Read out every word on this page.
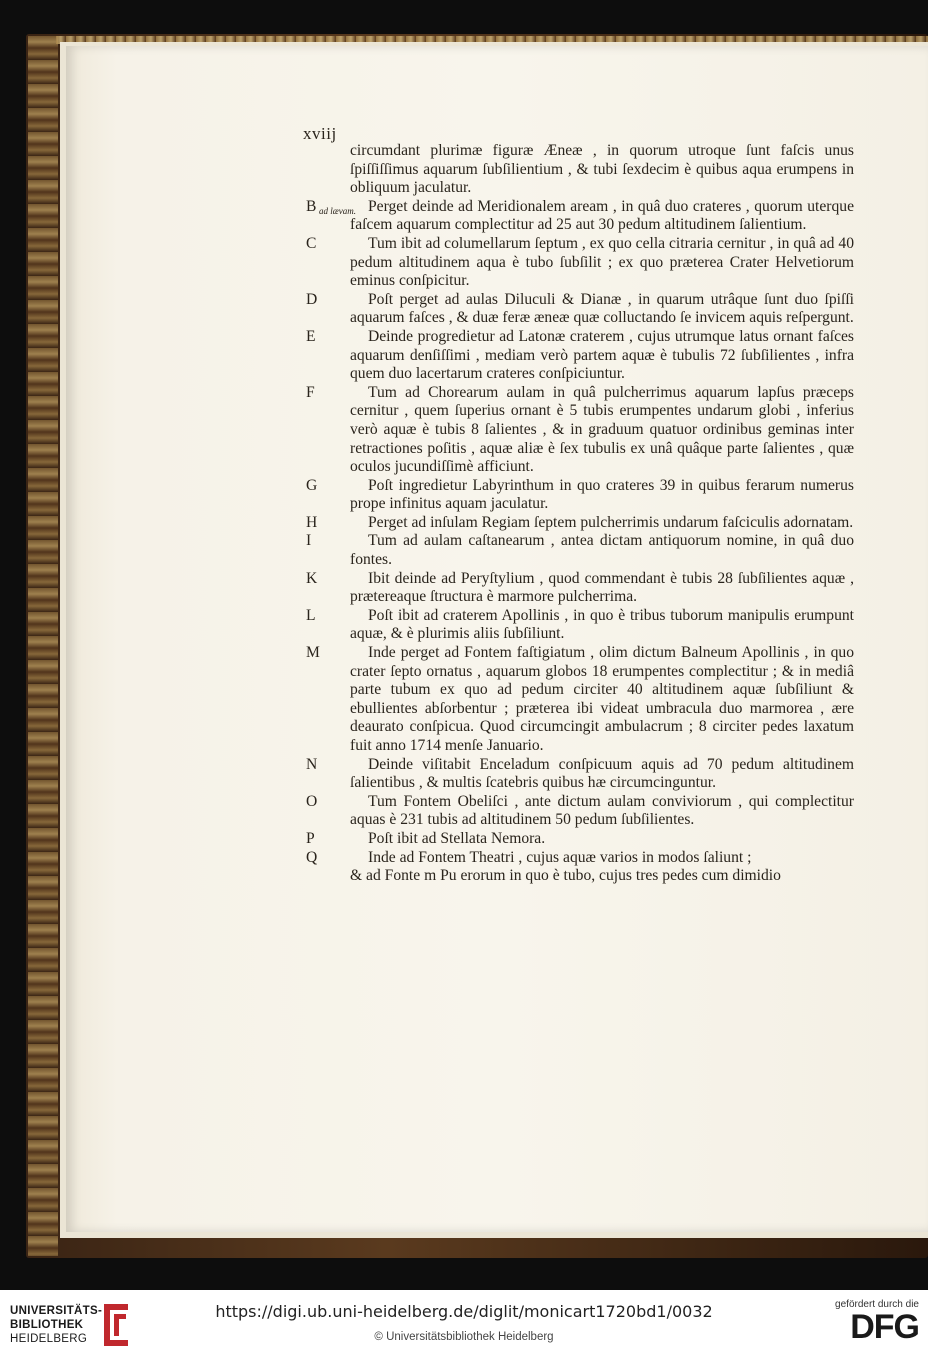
xviij
circumdant plurimæ figuræ Æneæ , in quorum utroque ſunt faſcis unus ſpiſſiſſimus aquarum ſubſilientium , & tubi ſexdecim è quibus aqua erumpens in obliquum jaculatur.
B ad lævam. Perget deinde ad Meridionalem aream , in quâ duo crateres , quorum uterque faſcem aquarum complectitur ad 25 aut 30 pedum altitudinem ſalientium.
C	Tum ibit ad columellarum ſeptum , ex quo cella citraria cernitur , in quâ ad 40 pedum altitudinem aqua è tubo ſubſilit ; ex quo præterea Crater Helvetiorum eminus conſpicitur.
D	Poſt perget ad aulas Diluculi & Dianæ , in quarum utrâque ſunt duo ſpiſſi aquarum faſces , & duæ feræ æneæ quæ colluctando ſe invicem aquis reſpergunt.
E	Deinde progredietur ad Latonæ craterem , cujus utrumque latus ornant faſces aquarum denſiſſimi , mediam verò partem aquæ è tubulis 72 ſubſilientes , infra quem duo lacertarum crateres conſpiciuntur.
F	Tum ad Chorearum aulam in quâ pulcherrimus aquarum lapſus præceps cernitur , quem ſuperius ornant è 5 tubis erumpentes undarum globi , inferius verò aquæ è tubis 8 ſalientes , & in graduum quatuor ordinibus geminas inter retractiones poſitis , aquæ aliæ è ſex tubulis ex unâ quâque parte ſalientes , quæ oculos jucundiſſimè afficiunt.
G	Poſt ingredietur Labyrinthum in quo crateres 39 in quibus ferarum numerus prope infinitus aquam jaculatur.
H	Perget ad inſulam Regiam ſeptem pulcherrimis undarum faſciculis adornatam.
I	Tum ad aulam caſtanearum , antea dictam antiquorum nomine, in quâ duo fontes.
K	Ibit deinde ad Peryſtylium , quod commendant è tubis 28 ſubſilientes aquæ , prætereaque ſtructura è marmore pulcherrima.
L	Poſt ibit ad craterem Apollinis , in quo è tribus tuborum manipulis erumpunt aquæ, & è plurimis aliis ſubſiliunt.
M	Inde perget ad Fontem faſtigiatum , olim dictum Balneum Apollinis , in quo crater ſepto ornatus , aquarum globos 18 erumpentes complectitur ; & in mediâ parte tubum ex quo ad pedum circiter 40 altitudinem aquæ ſubſiliunt & ebullientes abſorbentur ; præterea ibi videat umbracula duo marmorea , ære deaurato conſpicua. Quod circumcingit ambulacrum ; 8 circiter pedes laxatum fuit anno 1714 menſe Januario.
N	Deinde viſitabit Enceladum conſpicuum aquis ad 70 pedum altitudinem ſalientibus , & multis ſcatebris quibus hæ circumcinguntur.
O	Tum Fontem Obeliſci , ante dictum aulam conviviorum , qui complectitur aquas è 231 tubis ad altitudinem 50 pedum ſubſilientes.
P	Poſt ibit ad Stellata Nemora.
Q	Inde ad Fontem Theatri , cujus aquæ varios in modos ſaliunt ;
& ad Fonte m Pu erorum in quo è tubo, cujus tres pedes cum dimidio
UNIVERSITÄTS-
BIBLIOTHEK
HEIDELBERG
https://digi.ub.uni-heidelberg.de/diglit/monicart1720bd1/0032
© Universitätsbibliothek Heidelberg
gefördert durch die
DFG
